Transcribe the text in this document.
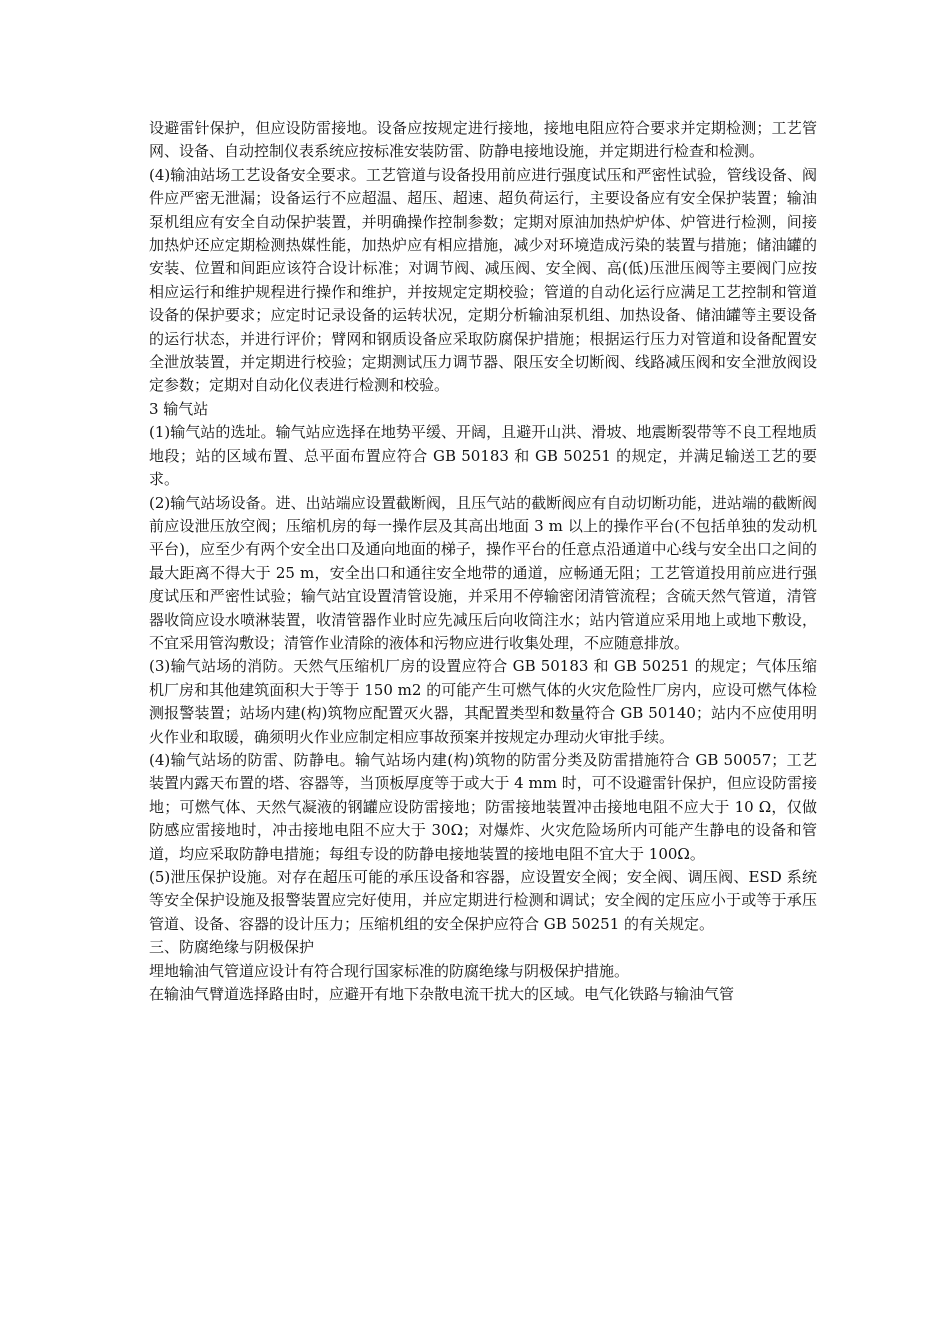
设避雷针保护，但应设防雷接地。设备应按规定进行接地，接地电阻应符合要求并定期检测；工艺管网、设备、自动控制仪表系统应按标准安装防雷、防静电接地设施，并定期进行检查和检测。

(4)输油站场工艺设备安全要求。工艺管道与设备投用前应进行强度试压和严密性试验，管线设备、阀件应严密无泄漏；设备运行不应超温、超压、超速、超负荷运行，主要设备应有安全保护装置；输油泵机组应有安全自动保护装置，并明确操作控制参数；定期对原油加热炉炉体、炉管进行检测，间接加热炉还应定期检测热媒性能，加热炉应有相应措施，减少对环境造成污染的装置与措施；储油罐的安装、位置和间距应该符合设计标准；对调节阀、减压阀、安全阀、高(低)压泄压阀等主要阀门应按相应运行和维护规程进行操作和维护，并按规定定期校验；管道的自动化运行应满足工艺控制和管道设备的保护要求；应定时记录设备的运转状况，定期分析输油泵机组、加热设备、储油罐等主要设备的运行状态，并进行评价；臂网和钢质设备应采取防腐保护措施；根据运行压力对管道和设备配置安全泄放装置，并定期进行校验；定期测试压力调节器、限压安全切断阀、线路减压阀和安全泄放阀设定参数；定期对自动化仪表进行检测和校验。

3 输气站

(1)输气站的选址。输气站应选择在地势平缓、开阔，且避开山洪、滑坡、地震断裂带等不良工程地质地段；站的区域布置、总平面布置应符合 GB 50183 和 GB 50251 的规定，并满足输送工艺的要求。

(2)输气站场设备。进、出站端应设置截断阀，且压气站的截断阀应有自动切断功能，进站端的截断阀前应设泄压放空阀；压缩机房的每一操作层及其高出地面 3 m 以上的操作平台(不包括单独的发动机平台)，应至少有两个安全出口及通向地面的梯子，操作平台的任意点沿通道中心线与安全出口之间的最大距离不得大于 25 m，安全出口和通往安全地带的通道，应畅通无阻；工艺管道投用前应进行强度试压和严密性试验；输气站宜设置清管设施，并采用不停输密闭清管流程；含硫天然气管道，清管器收筒应设水喷淋装置，收清管器作业时应先减压后向收筒注水；站内管道应采用地上或地下敷设，不宜采用管沟敷设；清管作业清除的液体和污物应进行收集处理，不应随意排放。

(3)输气站场的消防。天然气压缩机厂房的设置应符合 GB 50183 和 GB 50251 的规定；气体压缩机厂房和其他建筑面积大于等于 150 m2 的可能产生可燃气体的火灾危险性厂房内，应设可燃气体检测报警装置；站场内建(构)筑物应配置灭火器，其配置类型和数量符合 GB 50140；站内不应使用明火作业和取暖，确须明火作业应制定相应事故预案并按规定办理动火审批手续。

(4)输气站场的防雷、防静电。输气站场内建(构)筑物的防雷分类及防雷措施符合 GB 50057；工艺装置内露天布置的塔、容器等，当顶板厚度等于或大于 4 mm 时，可不设避雷针保护，但应设防雷接地；可燃气体、天然气凝液的钢罐应设防雷接地；防雷接地装置冲击接地电阻不应大于 10 Ω，仅做防感应雷接地时，冲击接地电阻不应大于 30Ω；对爆炸、火灾危险场所内可能产生静电的设备和管道，均应采取防静电措施；每组专设的防静电接地装置的接地电阻不宜大于 100Ω。

(5)泄压保护设施。对存在超压可能的承压设备和容器，应设置安全阀；安全阀、调压阀、ESD 系统等安全保护设施及报警装置应完好使用，并应定期进行检测和调试；安全阀的定压应小于或等于承压管道、设备、容器的设计压力；压缩机组的安全保护应符合 GB 50251 的有关规定。

三、防腐绝缘与阴极保护

埋地输油气管道应设计有符合现行国家标准的防腐绝缘与阴极保护措施。

在输油气臂道选择路由时，应避开有地下杂散电流干扰大的区域。电气化铁路与输油气管
